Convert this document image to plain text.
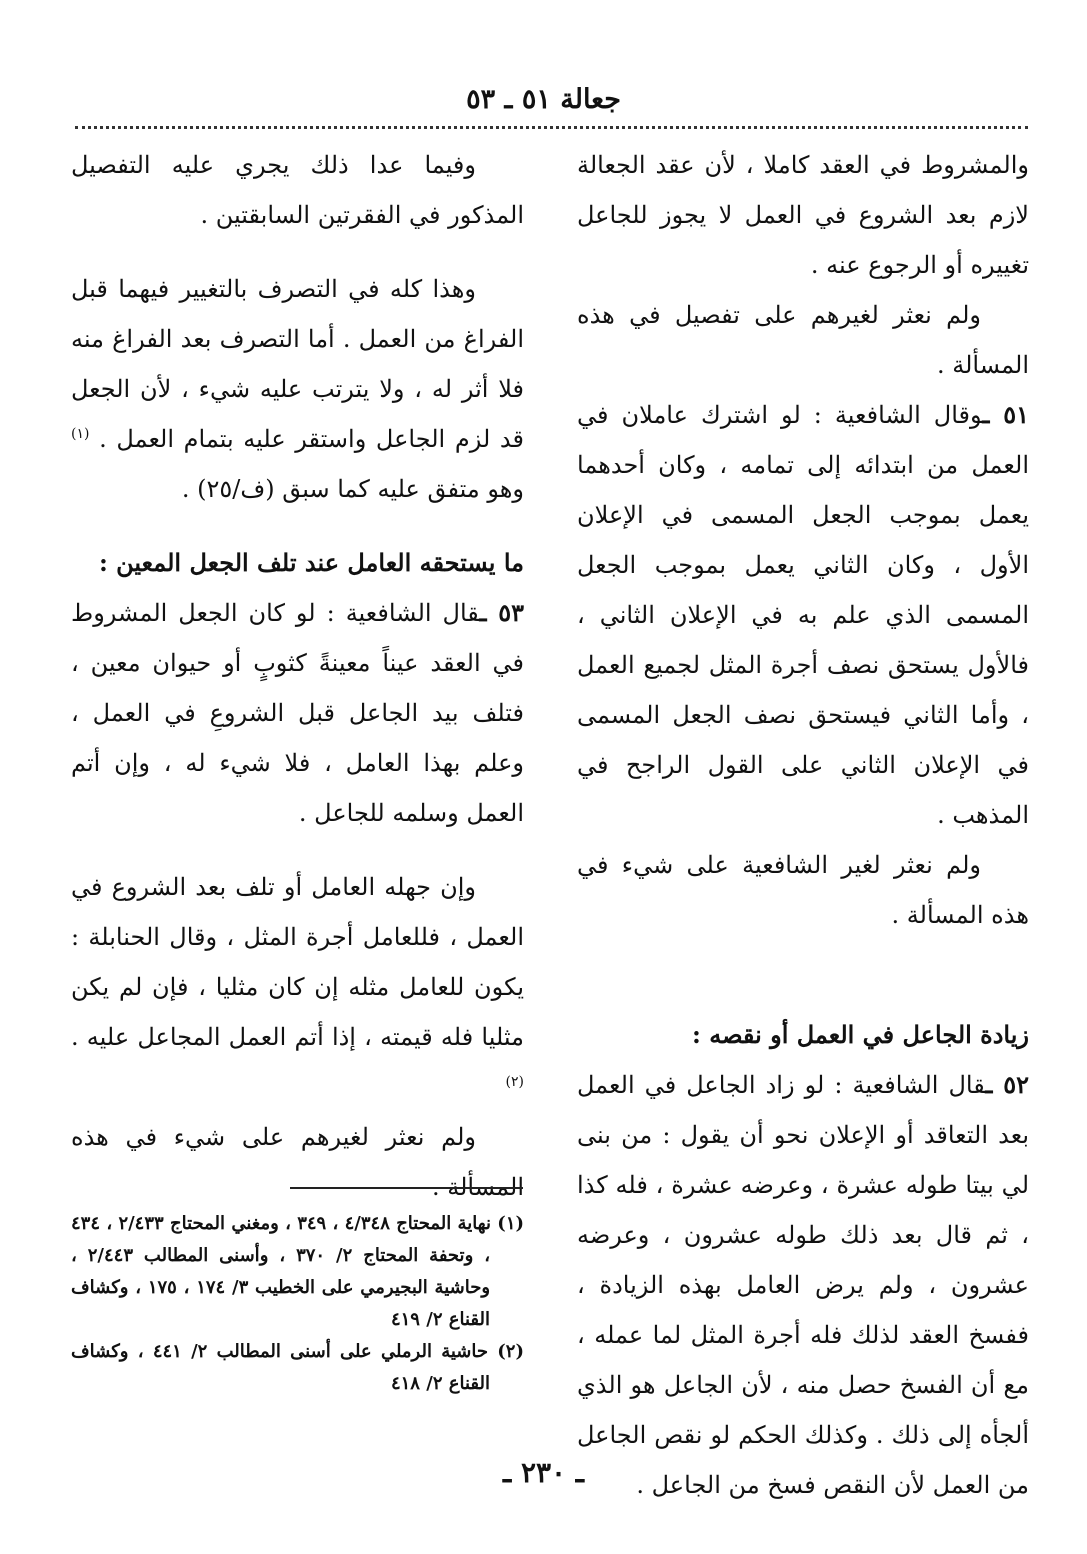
جعالة ٥١ ـ ٥٣

والمشروط في العقد كاملا ، لأن عقد الجعالة لازم بعد الشروع في العمل لا يجوز للجاعل تغييره أو الرجوع عنه .

ولم نعثر لغيرهم على تفصيل في هذه المسألة .

٥١ ـوقال الشافعية : لو اشترك عاملان في العمل من ابتدائه إلى تمامه ، وكان أحدهما يعمل بموجب الجعل المسمى في الإعلان الأول ، وكان الثاني يعمل بموجب الجعل المسمى الذي علم به في الإعلان الثاني ، فالأول يستحق نصف أجرة المثل لجميع العمل ، وأما الثاني فيستحق نصف الجعل المسمى في الإعلان الثاني على القول الراجح في المذهب .

ولم نعثر لغير الشافعية على شيء في هذه المسألة .

زيادة الجاعل في العمل أو نقصه :

٥٢ ـقال الشافعية : لو زاد الجاعل في العمل بعد التعاقد أو الإعلان نحو أن يقول : من بنى لي بيتا طوله عشرة ، وعرضه عشرة ، فله كذا ، ثم قال بعد ذلك طوله عشرون ، وعرضه عشرون ، ولم يرض العامل بهذه الزيادة ، ففسخ العقد لذلك فله أجرة المثل لما عمله ، مع أن الفسخ حصل منه ، لأن الجاعل هو الذي ألجأه إلى ذلك . وكذلك الحكم لو نقص الجاعل من العمل لأن النقص فسخ من الجاعل .

وفيما عدا ذلك يجري عليه التفصيل المذكور في الفقرتين السابقتين .

وهذا كله في التصرف بالتغيير فيهما قبل الفراغ من العمل . أما التصرف بعد الفراغ منه فلا أثر له ، ولا يترتب عليه شيء ، لأن الجعل قد لزم الجاعل واستقر عليه بتمام العمل . $^{(١)}$ وهو متفق عليه كما سبق (ف/٢٥) .

ما يستحقه العامل عند تلف الجعل المعين :

٥٣ ـقال الشافعية : لو كان الجعل المشروط في العقد عيناً معينةً كثوبٍ أو حيوان معين ، فتلف بيد الجاعل قبل الشروعِ في العمل ، وعلم بهذا العامل ، فلا شيء له ، وإن أتم العمل وسلمه للجاعل .

وإن جهله العامل أو تلف بعد الشروع في العمل ، فللعامل أجرة المثل ، وقال الحنابلة : يكون للعامل مثله إن كان مثليا ، فإن لم يكن مثليا فله قيمته ، إذا أتم العمل المجاعل عليه . $^{(٢)}$

ولم نعثر لغيرهم على شيء في هذه المسألة .

(١) نهاية المحتاج ٤/٣٤٨ ، ٣٤٩ ، ومغني المحتاج ٢/٤٣٣ ، ٤٣٤ ، وتحفة المحتاج ٢/ ٣٧٠ ، وأسنى المطالب ٢/٤٤٣ ، وحاشية البجيرمي على الخطيب ٣/ ١٧٤ ، ١٧٥ ، وكشاف القناع ٢/ ٤١٩

(٢) حاشية الرملي على أسنى المطالب ٢/ ٤٤١ ، وكشاف القناع ٢/ ٤١٨

ـ ٢٣٠ ـ
